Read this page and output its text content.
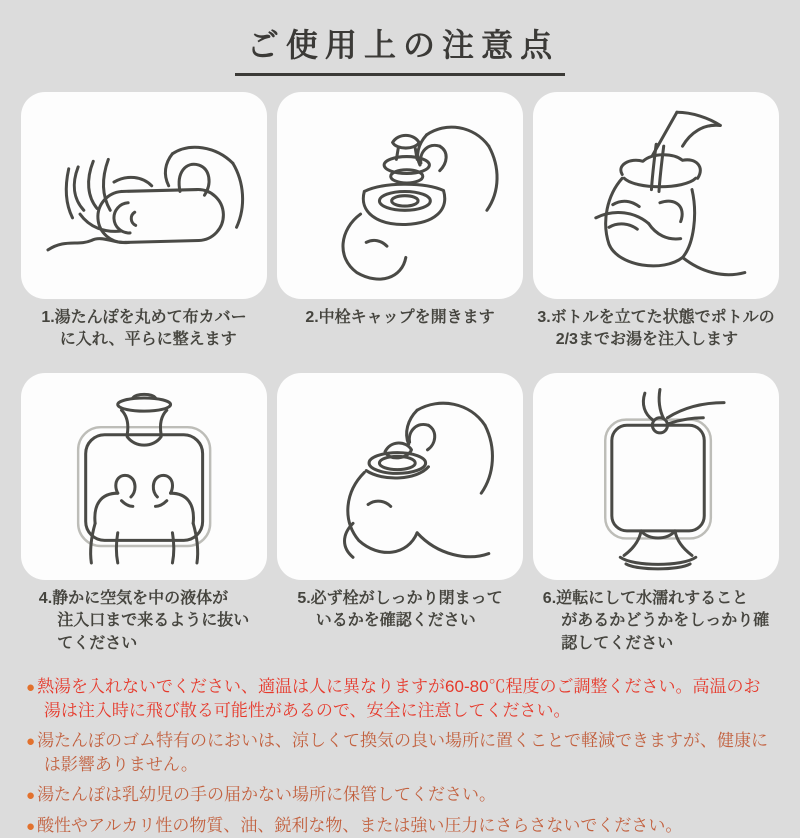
ご使用上の注意点
1.湯たんぽを丸めて布カバー
に入れ、平らに整えます
2.中栓キャップを開きます	3.ボトルを立てた状態でポトルの
2/3までお湯を注入します
4.静かに空気を中の液体が
注入口まで来るように抜い
てください
5.必ず栓がしっかり閉まって
いるかを確認ください
6.逆転にして水濡れすること
があるかどうかをしっかり確
認してください
● 熱湯を入れないでください、適温は人に異なりますが60-80℃程度のご調整ください。高温のお湯は注入時に飛び散る可能性があるので、安全に注意してください。
● 湯たんぽのゴム特有のにおいは、涼しくて換気の良い場所に置くことで軽減できますが、健康には影響ありません。
● 湯たんぽは乳幼児の手の届かない場所に保管してください。
● 酸性やアルカリ性の物質、油、鋭利な物、または強い圧力にさらさないでください。
